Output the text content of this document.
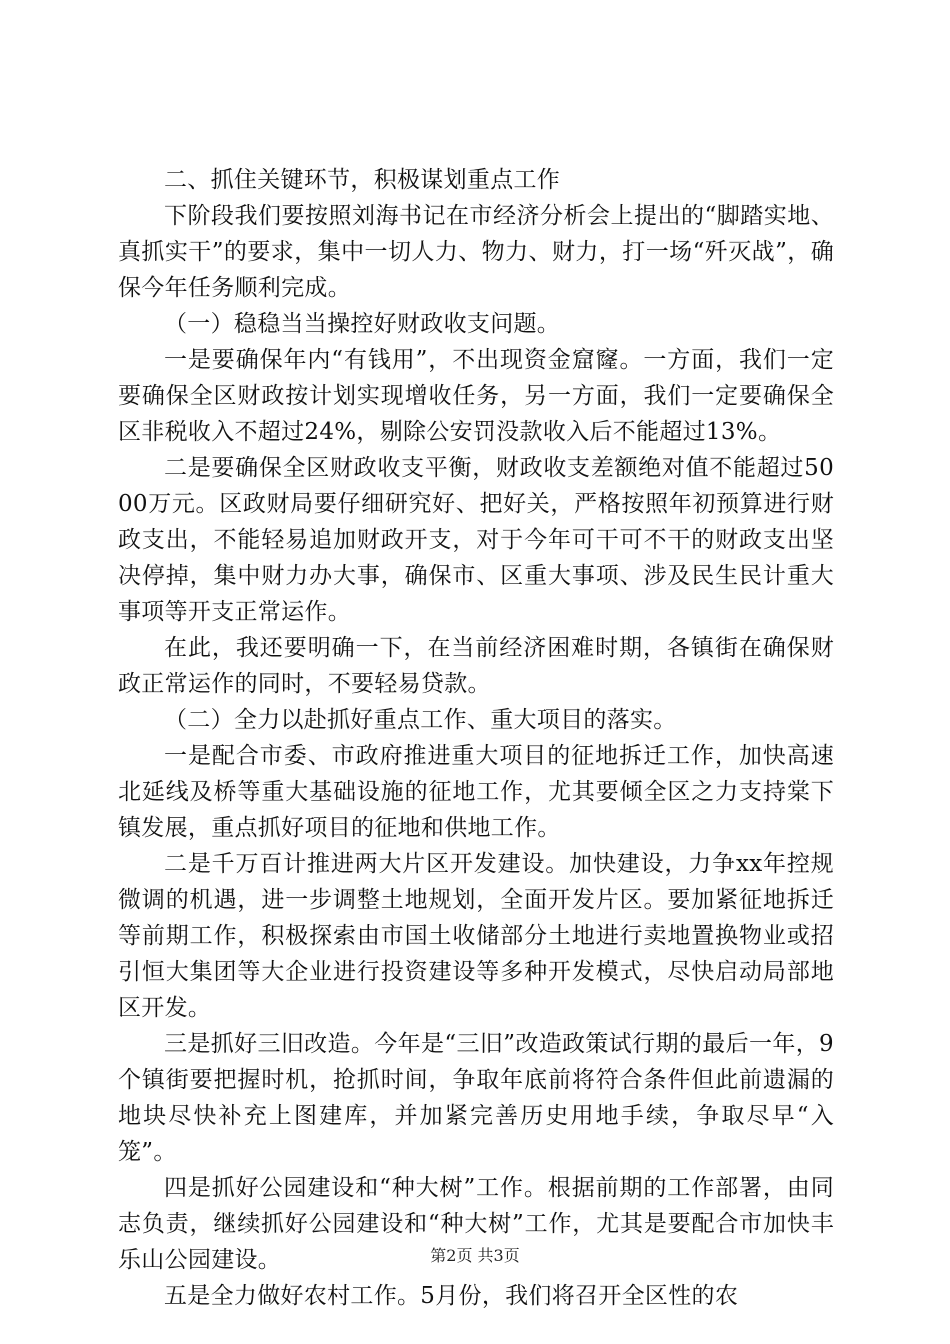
二、抓住关键环节，积极谋划重点工作

下阶段我们要按照刘海书记在市经济分析会上提出的“脚踏实地、真抓实干”的要求，集中一切人力、物力、财力，打一场“歼灭战”，确保今年任务顺利完成。

（一）稳稳当当操控好财政收支问题。

一是要确保年内“有钱用”，不出现资金窟窿。一方面，我们一定要确保全区财政按计划实现增收任务，另一方面，我们一定要确保全区非税收入不超过24%，剔除公安罚没款收入后不能超过13%。

二是要确保全区财政收支平衡，财政收支差额绝对值不能超过5000万元。区政财局要仔细研究好、把好关，严格按照年初预算进行财政支出，不能轻易追加财政开支，对于今年可干可不干的财政支出坚决停掉，集中财力办大事，确保市、区重大事项、涉及民生民计重大事项等开支正常运作。

在此，我还要明确一下，在当前经济困难时期，各镇街在确保财政正常运作的同时，不要轻易贷款。

（二）全力以赴抓好重点工作、重大项目的落实。

一是配合市委、市政府推进重大项目的征地拆迁工作，加快高速北延线及桥等重大基础设施的征地工作，尤其要倾全区之力支持棠下镇发展，重点抓好项目的征地和供地工作。

二是千万百计推进两大片区开发建设。加快建设，力争xx年控规微调的机遇，进一步调整土地规划，全面开发片区。要加紧征地拆迁等前期工作，积极探索由市国土收储部分土地进行卖地置换物业或招引恒大集团等大企业进行投资建设等多种开发模式，尽快启动局部地区开发。

三是抓好三旧改造。今年是“三旧”改造政策试行期的最后一年，9个镇街要把握时机，抢抓时间，争取年底前将符合条件但此前遗漏的地块尽快补充上图建库，并加紧完善历史用地手续，争取尽早“入笼”。

四是抓好公园建设和“种大树”工作。根据前期的工作部署，由同志负责，继续抓好公园建设和“种大树”工作，尤其是要配合市加快丰乐山公园建设。

五是全力做好农村工作。5月份，我们将召开全区性的农

第2页 共3页
